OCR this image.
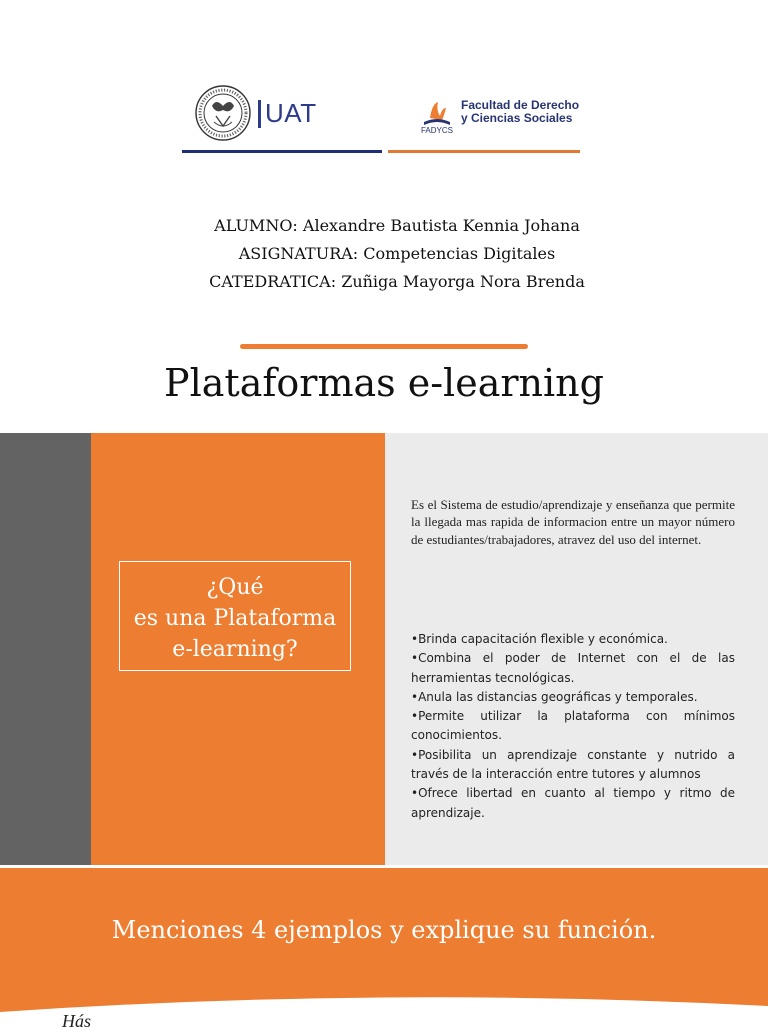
UAT
FADYCS
Facultad de Derecho
y Ciencias Sociales
ALUMNO: Alexandre Bautista Kennia Johana
ASIGNATURA: Competencias Digitales
CATEDRATICA: Zuñiga Mayorga Nora Brenda
Plataformas e-learning
¿Qué
es una Plataforma
e-learning?

Es el Sistema de estudio/aprendizaje y enseñanza que permite la llegada mas rapida de informacion entre un mayor número de estudiantes/trabajadores, atravez del uso del internet.

•Brinda capacitación flexible y económica.
•Combina el poder de Internet con el de las herramientas tecnológicas.
•Anula las distancias geográficas y temporales.
•Permite utilizar la plataforma con mínimos conocimientos.
•Posibilita un aprendizaje constante y nutrido a través de la interacción entre tutores y alumnos
•Ofrece libertad en cuanto al tiempo y ritmo de aprendizaje.
Menciones 4 ejemplos y explique su función.
Hás
